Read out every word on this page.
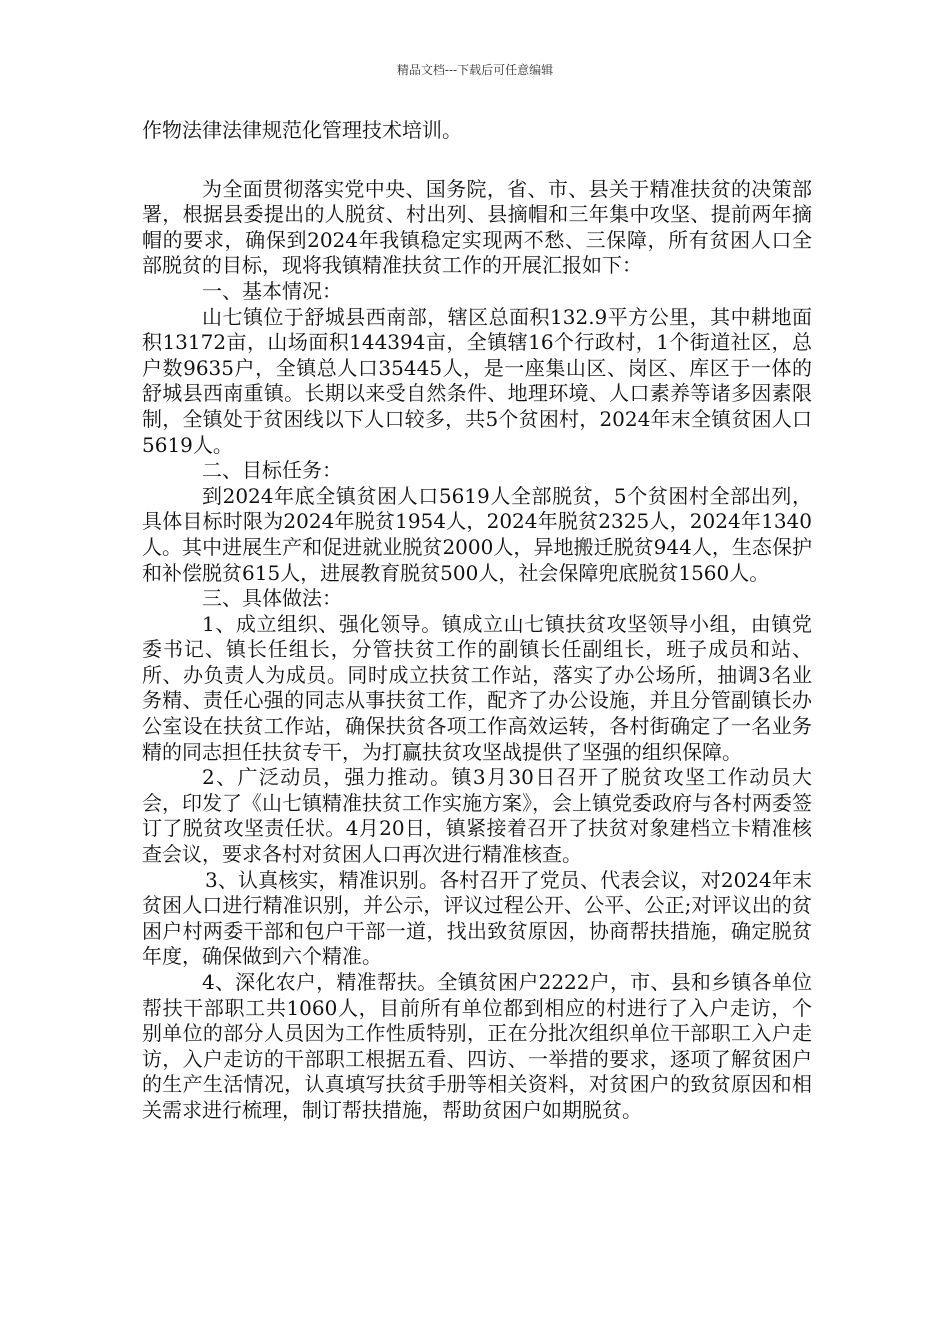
精品文档---下载后可任意编辑

作物法律法律规范化管理技术培训。

为全面贯彻落实党中央、国务院，省、市、县关于精准扶贫的决策部署，根据县委提出的人脱贫、村出列、县摘帽和三年集中攻坚、提前两年摘帽的要求，确保到2024年我镇稳定实现两不愁、三保障，所有贫困人口全部脱贫的目标，现将我镇精准扶贫工作的开展汇报如下：

一、基本情况：

山七镇位于舒城县西南部，辖区总面积132.9平方公里，其中耕地面积13172亩，山场面积144394亩，全镇辖16个行政村，1个街道社区，总户数9635户，全镇总人口35445人，是一座集山区、岗区、库区于一体的舒城县西南重镇。长期以来受自然条件、地理环境、人口素养等诸多因素限制，全镇处于贫困线以下人口较多，共5个贫困村，2024年末全镇贫困人口5619人。

二、目标任务：

到2024年底全镇贫困人口5619人全部脱贫，5个贫困村全部出列，具体目标时限为2024年脱贫1954人，2024年脱贫2325人，2024年1340人。其中进展生产和促进就业脱贫2000人，异地搬迁脱贫944人，生态保护和补偿脱贫615人，进展教育脱贫500人，社会保障兜底脱贫1560人。

三、具体做法：

1、成立组织、强化领导。镇成立山七镇扶贫攻坚领导小组，由镇党委书记、镇长任组长，分管扶贫工作的副镇长任副组长，班子成员和站、所、办负责人为成员。同时成立扶贫工作站，落实了办公场所，抽调3名业务精、责任心强的同志从事扶贫工作，配齐了办公设施，并且分管副镇长办公室设在扶贫工作站，确保扶贫各项工作高效运转，各村街确定了一名业务精的同志担任扶贫专干，为打赢扶贫攻坚战提供了坚强的组织保障。

2、广泛动员，强力推动。镇3月30日召开了脱贫攻坚工作动员大会，印发了《山七镇精准扶贫工作实施方案》，会上镇党委政府与各村两委签订了脱贫攻坚责任状。4月20日，镇紧接着召开了扶贫对象建档立卡精准核查会议，要求各村对贫困人口再次进行精准核查。

3、认真核实，精准识别。各村召开了党员、代表会议，对2024年末贫困人口进行精准识别，并公示，评议过程公开、公平、公正;对评议出的贫困户村两委干部和包户干部一道，找出致贫原因，协商帮扶措施，确定脱贫年度，确保做到六个精准。

4、深化农户，精准帮扶。全镇贫困户2222户，市、县和乡镇各单位帮扶干部职工共1060人，目前所有单位都到相应的村进行了入户走访，个别单位的部分人员因为工作性质特别，正在分批次组织单位干部职工入户走访，入户走访的干部职工根据五看、四访、一举措的要求，逐项了解贫困户的生产生活情况，认真填写扶贫手册等相关资料，对贫困户的致贫原因和相关需求进行梳理，制订帮扶措施，帮助贫困户如期脱贫。
